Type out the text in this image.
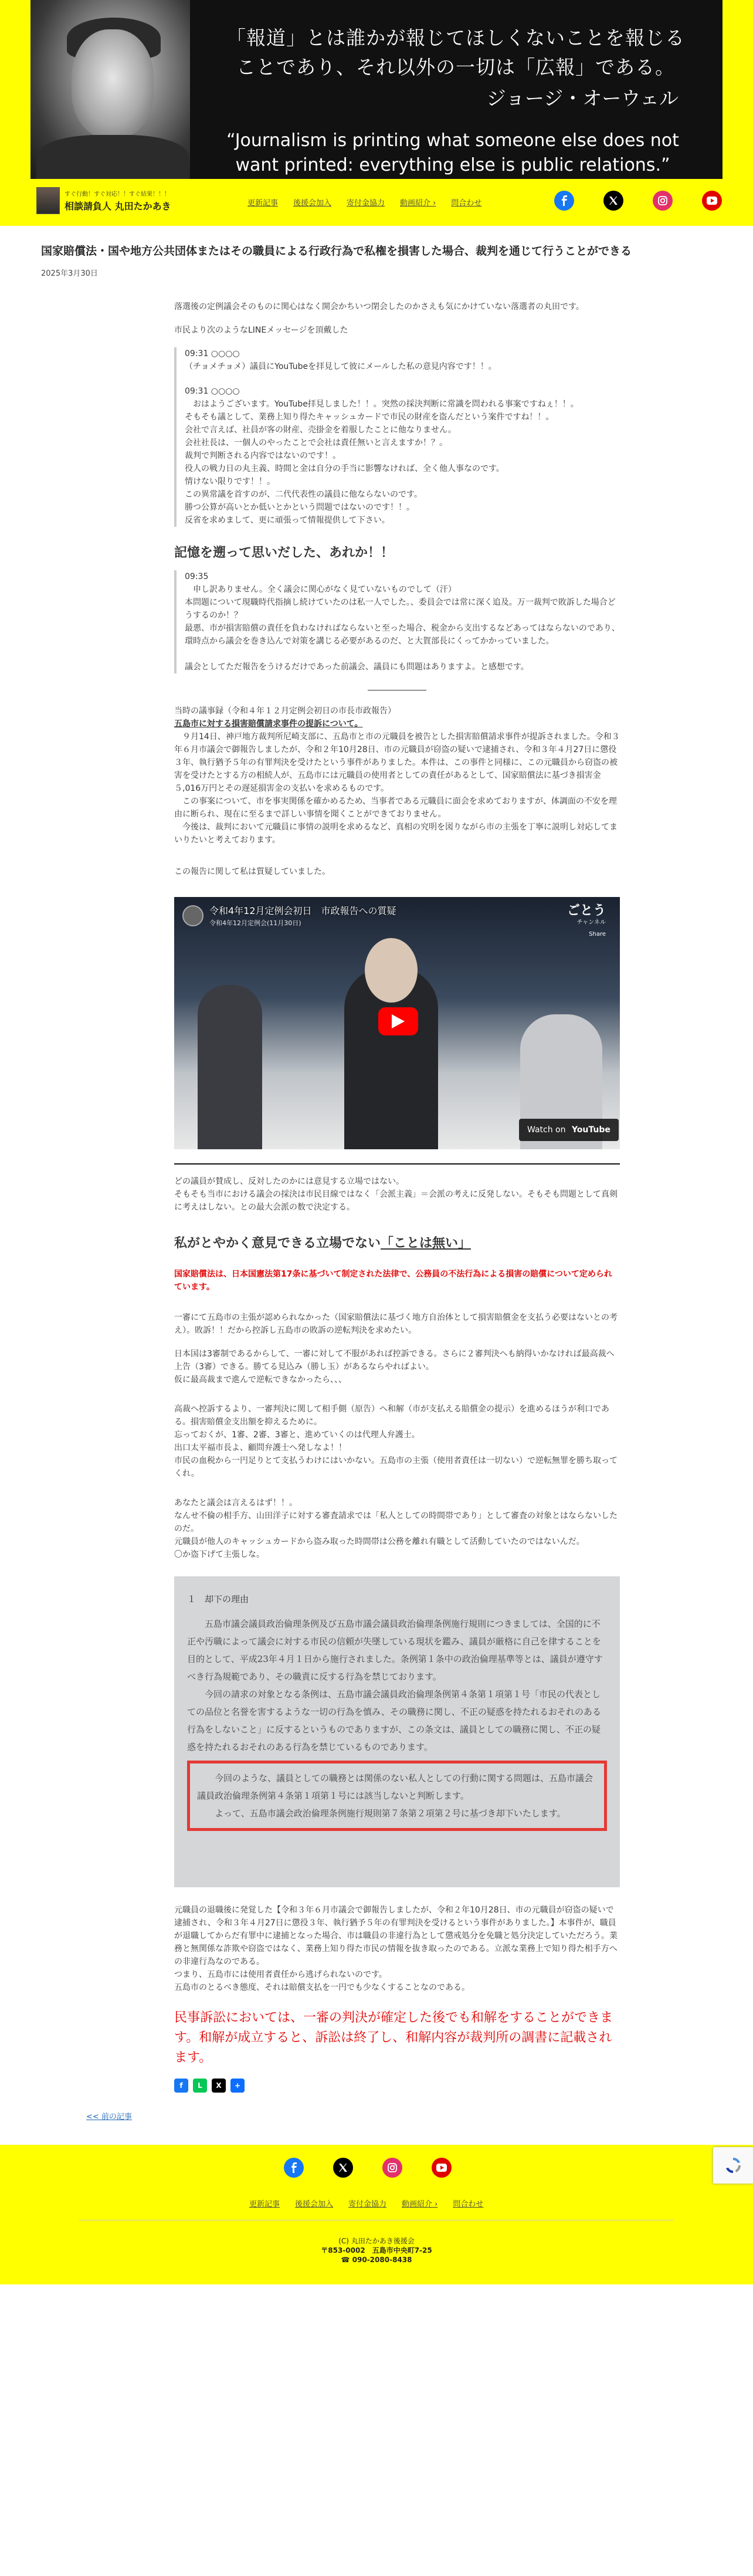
「報道」とは誰かが報じてほしくないことを報じる
ことであり、それ以外の一切は「広報」である。
ジョージ・オーウェル
“Journalism is printing what someone else does not
want printed: everything else is public relations.”
すぐ行動！すぐ対応！！すぐ結果！！！
相談請負人 丸田たかあき	更新記事 後援会加入 寄付金協力 動画紹介 › 問合わせ
国家賠償法・国や地方公共団体またはその職員による行政行為で私権を損害した場合、裁判を通じて行うことができる
2025年3月30日

落選後の定例議会そのものに関心はなく開会かちいつ閉会したのかさえも気にかけていない落選者の丸田です。

市民より次のようなLINEメッセージを頂戴した

09:31 ○○○○
（チョメチョメ）議員にYouTubeを拝見して彼にメールした私の意見内容です！！。

09:31 ○○○○
　おはようございます。YouTube拝見しました！！。突然の採決判断に常識を問われる事案ですねぇ！！。
そもそも議として、業務上知り得たキャッシュカードで市民の財産を盗んだという案件ですね！！。
会社で言えば、社員が客の財産、売掛金を着服したことに他なりません。
会社社長は、一個人のやったことで会社は責任無いと言えますか！？。
裁判で判断される内容ではないのです！。
役人の戦力日の丸主義、時間と金は自分の手当に影響なければ、全く他人事なのです。
情けない限りです！！。
この異常議を首すのが、二代代表性の議員に他ならないのです。
勝つ公算が高いとか低いとかという問題ではないのです！！。
反省を求めまして、更に頑張って情報提供して下さい。

記憶を遡って思いだした、あれか！！

09:35
　申し訳ありません。全く議会に関心がなく見ていないものでして（汗）
本問題について現職時代指摘し続けていたのは私一人でした。、委員会では常に深く追及。万一裁判で敗訴した場合どうするのか！？
最悪、市が損害賠償の責任を負わなければならないと至った場合、税金から支出するなどあってはならないのであり、環時点から議会を巻き込んで対策を講じる必要があるのだ、と大賀部長にくってかかっていました。

議会としてただ報告をうけるだけであった前議会、議員にも問題はありますよ。と感想です。

当時の議事録（令和４年１２月定例会初日の市長市政報告）

五島市に対する損害賠償請求事件の提訴について。

　９月14日、神戸地方裁判所尼崎支部に、五島市と市の元職員を被告とした損害賠償請求事件が提訴されました。令和３年６月市議会で御報告しましたが、令和２年10月28日、市の元職員が窃盗の疑いで逮捕され、令和３年４月27日に懲役３年、執行猶予５年の有罪判決を受けたという事件がありました。本件は、この事件と同様に、この元職員から窃盗の被害を受けたとする方の相続人が、五島市には元職員の使用者としての責任があるとして、国家賠償法に基づき損害金５,016万円とその遅延損害金の支払いを求めるものです。
　この事案について、市を事実関係を確かめるため、当事者である元職員に面会を求めておりますが、体調面の不安を理由に断られ、現在に至るまで詳しい事情を聞くことができておりません。
　今後は、裁判において元職員に事情の説明を求めるなど、真相の究明を図りながら市の主張を丁寧に説明し対応してまいりたいと考えております。

この報告に関して私は質疑していました。

令和4年12月定例会初日　市政報告への質疑
令和4年12月定例会(11月30日)
ごとう
チャンネル
Share
Watch on YouTube

どの議員が賛成し、反対したのかには意見する立場ではない。
そもそも当市における議会の採決は市民目線ではなく「会派主義」＝会派の考えに反発しない。そもそも問題として真剣に考えはしない。との最大会派の数で決定する。

私がとやかく意見できる立場でない「ことは無い」

国家賠償法は、日本国憲法第17条に基づいて制定された法律で、公務員の不法行為による損害の賠償について定められています。

一審にて五島市の主張が認められなかった（国家賠償法に基づく地方自治体として損害賠償金を支払う必要はないとの考え）。敗訴！！だから控訴し五島市の敗訴の逆転判決を求めたい。

日本国は3審制であるからして、一審に対して不服があれば控訴できる。さらに２審判決へも納得いかなければ最高裁へ上告（3審）できる。勝てる見込み（勝し玉）があるならやればよい。
仮に最高裁まで進んで逆転できなかったら、、、

高裁へ控訴するより、一審判決に関して相手側（原告）へ和解（市が支払える賠償金の提示）を進めるほうが利口である。損害賠償金支出額を抑えるために。
忘っておくが、1審、2審、3審と、進めていくのは代理人弁護士。
出口太平福市長よ、顧問弁護士へ発しなよ！！
市民の血税から一円足りとて支払うわけにはいかない。五島市の主張（使用者責任は一切ない）で逆転無罪を勝ち取ってくれ。

あなたと議会は言えるはず！！。
なんせ不倫の相手方、山田洋子に対する審査請求では「私人としての時間帯であり」として審査の対象とはならないしたのだ。
元職員が他人のキャッシュカードから盗み取った時間帯は公務を離れ有職として活動していたのではないんだ。
〇か盗下げて主張しな。

１　却下の理由

五島市議会議員政治倫理条例及び五島市議会議員政治倫理条例施行規則につきましては、全国的に不正や汚職によって議会に対する市民の信頼が失墜している現状を鑑み、議員が厳格に自己を律することを目的として、平成23年４月１日から施行されました。条例第１条中の政治倫理基準等とは、議員が遵守すべき行為規範であり、その職責に反する行為を禁じております。

今回の請求の対象となる条例は、五島市議会議員政治倫理条例第４条第１項第１号「市民の代表としての品位と名誉を害するような一切の行為を慎み、その職務に関し、不正の疑惑を持たれるおそれのある行為をしないこと」に反するというものでありますが、この条文は、議員としての職務に関し、不正の疑惑を持たれるおそれのある行為を禁じているものであります。

今回のような、議員としての職務とは関係のない私人としての行動に関する問題は、五島市議会議員政治倫理条例第４条第１項第１号には該当しないと判断します。

よって、五島市議会政治倫理条例施行規則第７条第２項第２号に基づき却下いたします。

元職員の退職後に発覚した【令和３年６月市議会で御報告しましたが、令和２年10月28日、市の元職員が窃盗の疑いで逮捕され、令和３年４月27日に懲役３年、執行猶予５年の有罪判決を受けるという事件がありました。】本事件が、職員が退職してからだ有罪中に逮捕となった場合、市は職員の非違行為として懲戒処分を免職と処分決定していただろう。業務と無関係な詐欺や窃盗ではなく、業務上知り得た市民の情報を抜き取ったのである。立派な業務上で知り得た相手方への非違行為なのである。
つまり、五島市には使用者責任から逃げられないのです。
五島市のとるべき態度、それは賠償支払を一円でも少なくすることなのである。

民事訴訟においては、一審の判決が確定した後でも和解をすることができます。和解が成立すると、訴訟は終了し、和解内容が裁判所の調書に記載されます。

f	L	X	+
<< 前の記事
更新記事 後援会加入 寄付金協力 動画紹介 › 問合わせ
(C) 丸田たかあき後援会
〒853-0002　五島市中央町7-25
☎ 090-2080-8438
